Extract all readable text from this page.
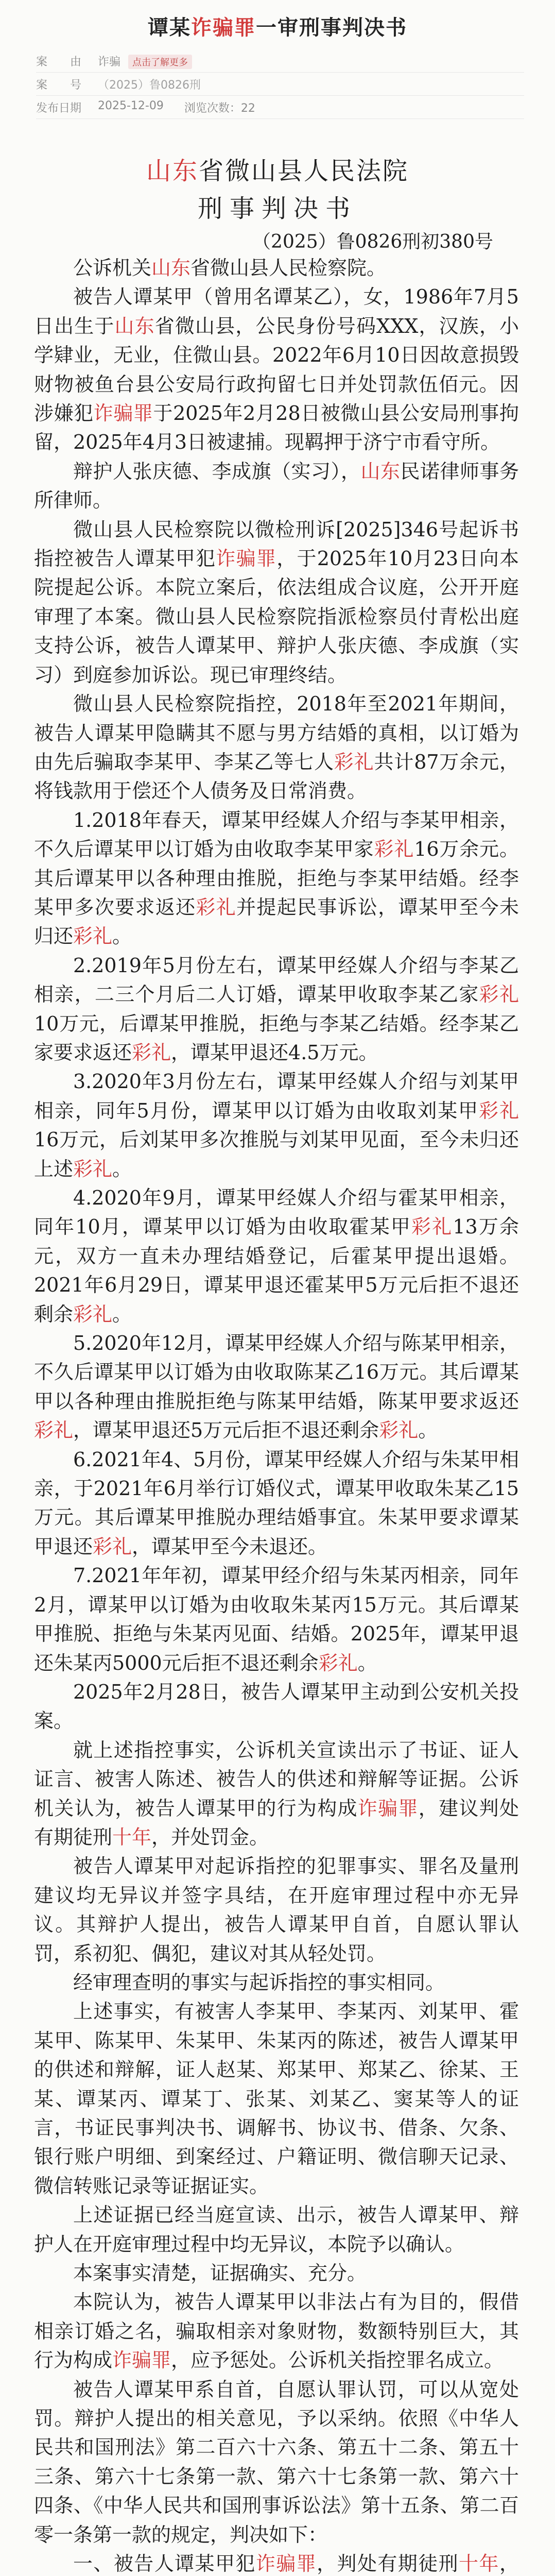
谭某诈骗罪一审刑事判决书
案　　由	诈骗 点击了解更多
案　　号	（2025）鲁0826刑
发布日期	2025-12-09 浏览次数：22
山东省微山县人民法院
刑事判决书
（2025）鲁0826刑初380号

公诉机关山东省微山县人民检察院。

被告人谭某甲（曾用名谭某乙），女，1986年7月5日出生于山东省微山县，公民身份号码XXX，汉族，小学肄业，无业，住微山县。2022年6月10日因故意损毁财物被鱼台县公安局行政拘留七日并处罚款伍佰元。因涉嫌犯诈骗罪于2025年2月28日被微山县公安局刑事拘留，2025年4月3日被逮捕。现羁押于济宁市看守所。

辩护人张庆德、李成旗（实习），山东民诺律师事务所律师。

微山县人民检察院以微检刑诉[2025]346号起诉书指控被告人谭某甲犯诈骗罪，于2025年10月23日向本院提起公诉。本院立案后，依法组成合议庭，公开开庭审理了本案。微山县人民检察院指派检察员付青松出庭支持公诉，被告人谭某甲、辩护人张庆德、李成旗（实习）到庭参加诉讼。现已审理终结。

微山县人民检察院指控，2018年至2021年期间，被告人谭某甲隐瞒其不愿与男方结婚的真相，以订婚为由先后骗取李某甲、李某乙等七人彩礼共计87万余元，将钱款用于偿还个人债务及日常消费。

1.2018年春天，谭某甲经媒人介绍与李某甲相亲，不久后谭某甲以订婚为由收取李某甲家彩礼16万余元。其后谭某甲以各种理由推脱，拒绝与李某甲结婚。经李某甲多次要求返还彩礼并提起民事诉讼，谭某甲至今未归还彩礼。

2.2019年5月份左右，谭某甲经媒人介绍与李某乙相亲，二三个月后二人订婚，谭某甲收取李某乙家彩礼10万元，后谭某甲推脱，拒绝与李某乙结婚。经李某乙家要求返还彩礼，谭某甲退还4.5万元。

3.2020年3月份左右，谭某甲经媒人介绍与刘某甲相亲，同年5月份，谭某甲以订婚为由收取刘某甲彩礼16万元，后刘某甲多次推脱与刘某甲见面，至今未归还上述彩礼。

4.2020年9月，谭某甲经媒人介绍与霍某甲相亲，同年10月，谭某甲以订婚为由收取霍某甲彩礼13万余元，双方一直未办理结婚登记，后霍某甲提出退婚。2021年6月29日，谭某甲退还霍某甲5万元后拒不退还剩余彩礼。

5.2020年12月，谭某甲经媒人介绍与陈某甲相亲，不久后谭某甲以订婚为由收取陈某乙16万元。其后谭某甲以各种理由推脱拒绝与陈某甲结婚，陈某甲要求返还彩礼，谭某甲退还5万元后拒不退还剩余彩礼。

6.2021年4、5月份，谭某甲经媒人介绍与朱某甲相亲，于2021年6月举行订婚仪式，谭某甲收取朱某乙15万元。其后谭某甲推脱办理结婚事宜。朱某甲要求谭某甲退还彩礼，谭某甲至今未退还。

7.2021年年初，谭某甲经介绍与朱某丙相亲，同年2月，谭某甲以订婚为由收取朱某丙15万元。其后谭某甲推脱、拒绝与朱某丙见面、结婚。2025年，谭某甲退还朱某丙5000元后拒不退还剩余彩礼。

2025年2月28日，被告人谭某甲主动到公安机关投案。

就上述指控事实，公诉机关宣读出示了书证、证人证言、被害人陈述、被告人的供述和辩解等证据。公诉机关认为，被告人谭某甲的行为构成诈骗罪，建议判处有期徒刑十年，并处罚金。

被告人谭某甲对起诉指控的犯罪事实、罪名及量刑建议均无异议并签字具结，在开庭审理过程中亦无异议。其辩护人提出，被告人谭某甲自首，自愿认罪认罚，系初犯、偶犯，建议对其从轻处罚。

经审理查明的事实与起诉指控的事实相同。

上述事实，有被害人李某甲、李某丙、刘某甲、霍某甲、陈某甲、朱某甲、朱某丙的陈述，被告人谭某甲的供述和辩解，证人赵某、郑某甲、郑某乙、徐某、王某、谭某丙、谭某丁、张某、刘某乙、窦某等人的证言，书证民事判决书、调解书、协议书、借条、欠条、银行账户明细、到案经过、户籍证明、微信聊天记录、微信转账记录等证据证实。

上述证据已经当庭宣读、出示，被告人谭某甲、辩护人在开庭审理过程中均无异议，本院予以确认。

本案事实清楚，证据确实、充分。

本院认为，被告人谭某甲以非法占有为目的，假借相亲订婚之名，骗取相亲对象财物，数额特别巨大，其行为构成诈骗罪，应予惩处。公诉机关指控罪名成立。

被告人谭某甲系自首，自愿认罪认罚，可以从宽处罚。辩护人提出的相关意见，予以采纳。依照《中华人民共和国刑法》第二百六十六条、第五十二条、第五十三条、第六十七条第一款、第六十七条第一款、第六十四条、《中华人民共和国刑事诉讼法》第十五条、第二百零一条第一款的规定，判决如下：

一、被告人谭某甲犯诈骗罪，判处有期徒刑十年，
